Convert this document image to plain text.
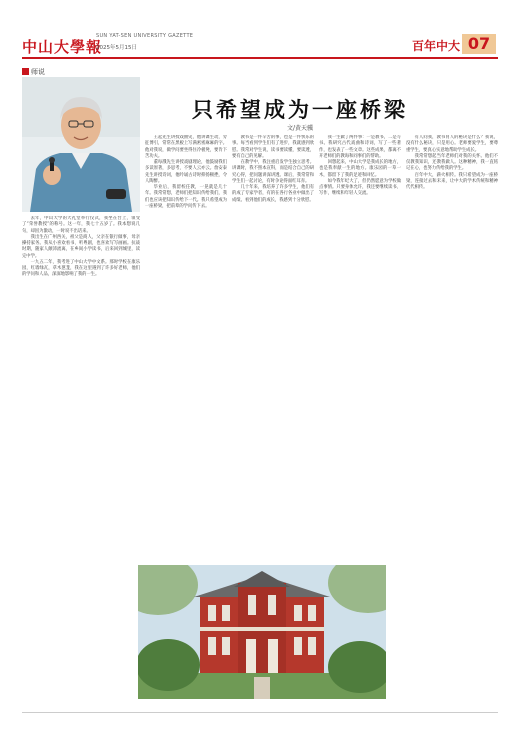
中山大學報
SUN YAT-SEN UNIVERSITY GAZETTE
2025年5月15日	百年中大 07
师说
只希望成为一座桥梁
文/黄天骥

去年，中山大学的大礼堂举行仪式，我坐在台上，领受了“荣誉教授”的称号。这一年，我七十五岁了。我本想说几句，却因为激动，一时说不出话来。

我出生在广州西关，祖父是商人，父亲在银行做事，母亲操持家务。我从小喜欢看书、听粤剧，也喜欢写写画画。抗战时期，随家人颠沛流离，在乡间小学读书，后来回到城里，读完中学。

一九五二年，我考进了中山大学中文系。那时学校在康乐园，红墙绿瓦，草木葱茏，我在这里遇到了许多好老师，他们的学问和人品，深深地影响了我的一生。

王起先生讲授戏曲史，他讲课生动，旁征博引，常常在黑板上写满密密麻麻的字。他对我说，做学问要坐得住冷板凳，要肯下苦功夫。

董每戡先生讲授戏剧理论，他鼓励我们多读原著，多思考，不要人云亦云。詹安泰先生讲授诗词，他吟诵古诗时抑扬顿挫，令人陶醉。

毕业后，我留校任教，一晃就是几十年。我常常想，老师们把知识传给我们，我们也应该把知识传给下一代。我只希望成为一座桥梁，把前辈的学问传下去。

教书是一件辛苦的事，也是一件快乐的事。每当看到学生们有了进步，我就感到欣慰。我常对学生说，读书要读懂，要读透，要有自己的见解。

在教学中，我注重启发学生独立思考。讲课时，我不照本宣科，而是结合自己的研究心得，把问题讲深讲透。课后，我常常和学生们一起讨论，有时争论得面红耳赤。

几十年来，我培养了许多学生，他们有的成了专家学者，有的在各行各业中做出了成绩。看到他们的成长，我感到十分欣慰。

我一生做了两件事：一是教书，二是写书。我研究古代戏曲和诗词，写了一些著作，也发表了一些文章。这些成果，都离不开老师们的教诲和同事们的帮助。

回想起来，中山大学是我成长的地方，也是我奉献一生的地方。康乐园的一草一木，都留下了我的足迹和回忆。

如今我年纪大了，但仍然愿意为学校做点事情。只要身体允许，我还要继续读书、写作，继续和年轻人交流。

有人问我，教书育人的秘诀是什么？我说，没有什么秘诀，只是用心。老师要爱学生，要尊重学生，要真心实意地帮助学生成长。

我常常想起当年老师们对我的关怀。他们不仅教我知识，还教我做人。这种精神，我一直铭记在心，也努力传给我的学生。

百年中大，薪火相传。我只希望成为一座桥梁，连接过去和未来，让中大的学术传统和精神代代相传。
